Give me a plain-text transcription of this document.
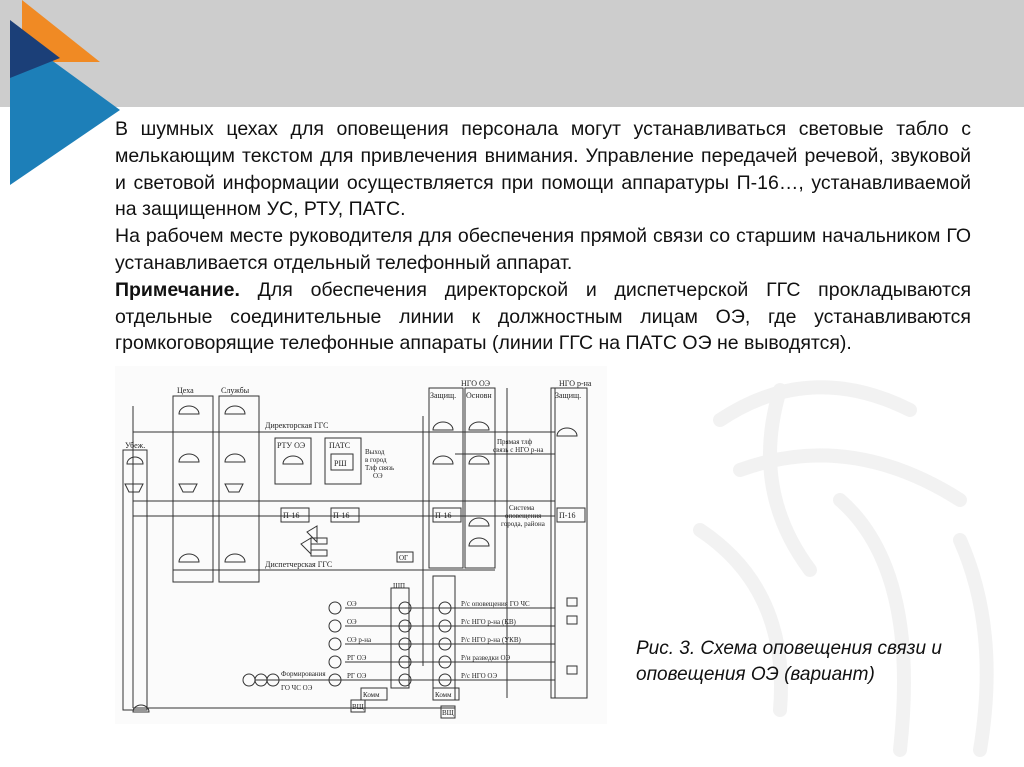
В шумных цехах для оповещения персонала могут устанавливаться световые табло с мелькающим текстом для привлечения внимания. Управление передачей речевой, звуковой и световой информации осуществляется при помощи аппаратуры П-16…, устанавливаемой на защищенном УС, РТУ, ПАТС.

На рабочем месте руководителя для обеспечения прямой связи со старшим начальником ГО устанавливается отдельный телефонный аппарат.

Примечание. Для обеспечения директорской и диспетчерской ГГС прокладываются отдельные соединительные линии к должностным лицам ОЭ, где устанавливаются громкоговорящие телефонные аппараты (линии ГГС на ПАТС ОЭ не выводятся).

Цеха	Службы
Убеж.
Директорская ГГС
РТУ ОЭ	ПАТС
РШ
Выход
в город
Тлф связь
ОЭ
П-16	П-16	П-16	П-16
Диспетчерская ГГС
Защищ.
НГО ОЭ
Основн
НГО р-на
Защищ.
Прямая тлф
связь с НГО р-на
Система
оповещения
города, района
ОГ
ШП
ОЭ
ОЭ
ОЭ р-на
РГ ОЭ
РГ ОЭ
Формирования
ГО ЧС ОЭ
Комм	Комм
ВЩ
ВЩ
Р/с оповещения ГО ЧС
Р/с НГО р-на (КВ)
Р/с НГО р-на (УКВ)
Р/и разведки ОЭ
Р/с НГО ОЭ
Рис. 3. Схема оповещения связи и оповещения ОЭ (вариант)
